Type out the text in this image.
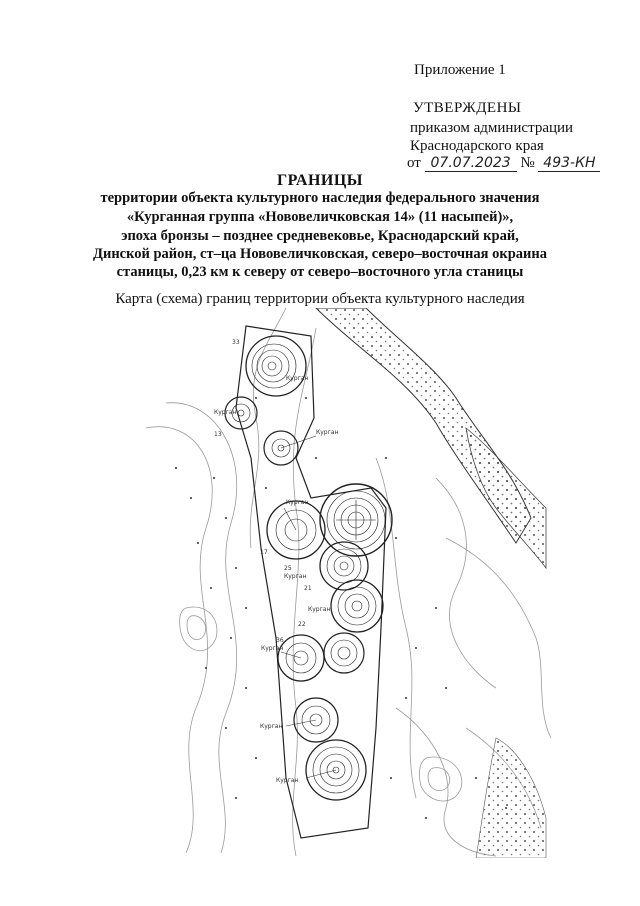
Приложение 1
УТВЕРЖДЕНЫ
приказом администрации
Краснодарского края
от 07.07.2023 № 493-КН
ГРАНИЦЫ
территории объекта культурного наследия федерального значения
«Курганная группа «Нововеличковская 14» (11 насыпей)»,
эпоха бронзы – позднее средневековье, Краснодарский край,
Динской район, ст–ца Нововеличковская, северо–восточная окраина
станицы, 0,23 км к северу от северо–восточного угла станицы
Карта (схема) границ территории объекта культурного наследия
33
13
21
22
25
36
17
Курган
Курган
Курган
Курган
Курган
Курган
Курган
Курган
Курган
